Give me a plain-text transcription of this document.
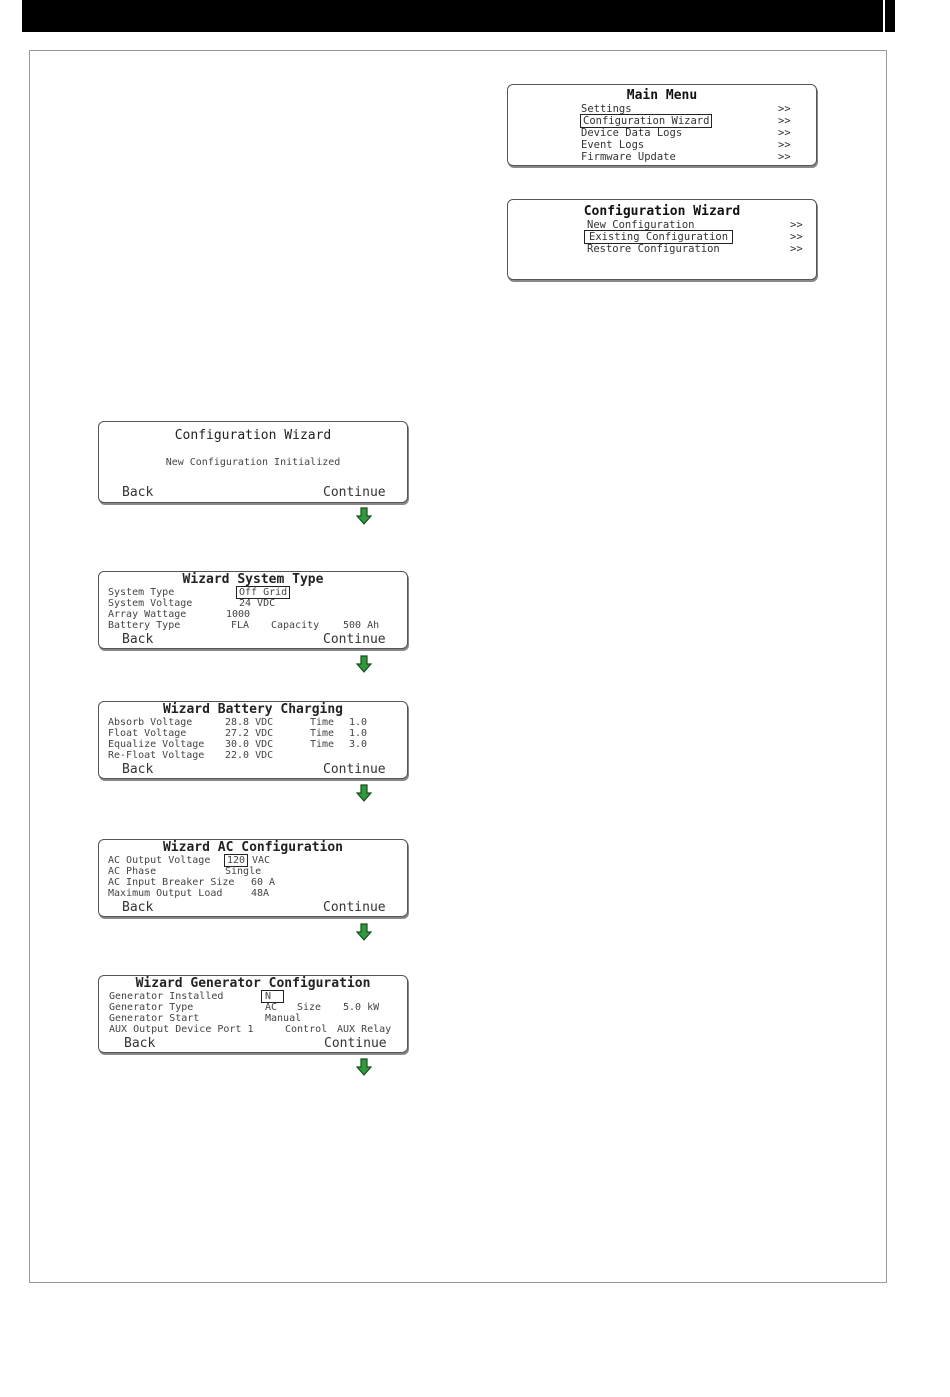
Main Menu
Settings	>>
Configuration Wizard	>>
Device Data Logs	>>
Event Logs	>>
Firmware Update	>>
Configuration Wizard
New Configuration	>>
Existing Configuration	>>
Restore Configuration	>>
Configuration Wizard
New Configuration Initialized
Back	Continue
Wizard System Type
System Type	Off Grid
System Voltage	24 VDC
Array Wattage	1000
Battery Type	FLA Capacity 500 Ah
Back	Continue
Wizard Battery Charging
Absorb Voltage	28.8 VDC	Time 1.0
Float Voltage	27.2 VDC	Time 1.0
Equalize Voltage 30.0 VDC	Time 3.0
Re-Float Voltage 22.0 VDC
Back	Continue
Wizard AC Configuration
AC Output Voltage 120 VAC
AC Phase	Single
AC Input Breaker Size 60 A
Maximum Output Load	48A
Back	Continue
Wizard Generator Configuration
Generator Installed	N
Generator Type	AC Size 5.0 kW
Generator Start	Manual
AUX Output Device Port 1	Control AUX Relay
Back	Continue
